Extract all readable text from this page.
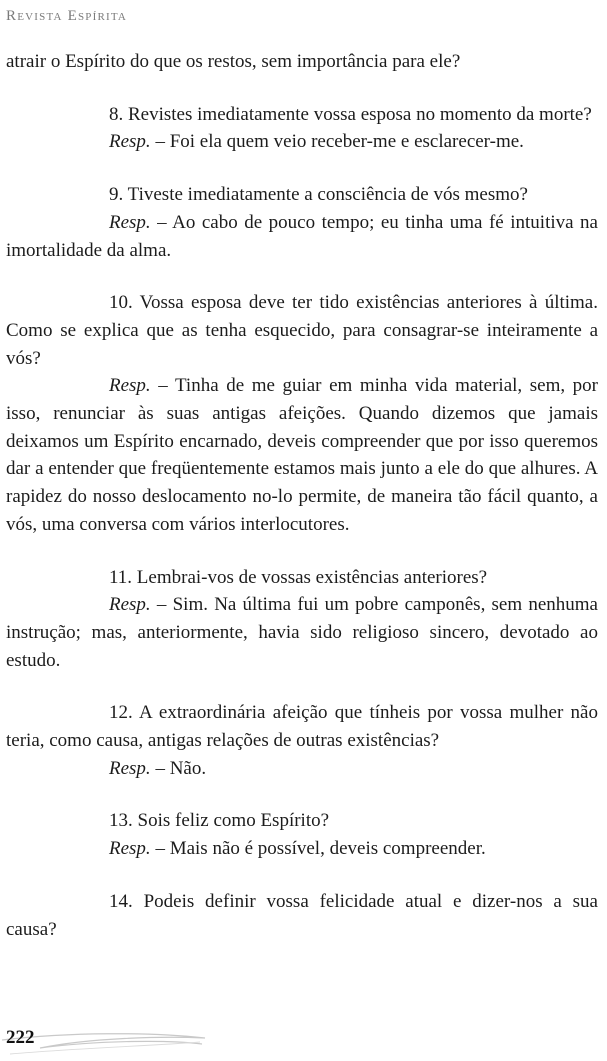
Revista Espírita

atrair o Espírito do que os restos, sem importância para ele?

8. Revistes imediatamente vossa esposa no momento da morte?

Resp. – Foi ela quem veio receber-me e esclarecer-me.

9. Tiveste imediatamente a consciência de vós mesmo?

Resp. – Ao cabo de pouco tempo; eu tinha uma fé intuitiva na imortalidade da alma.

10. Vossa esposa deve ter tido existências anteriores à última. Como se explica que as tenha esquecido, para consagrar-se inteiramente a vós?

Resp. – Tinha de me guiar em minha vida material, sem, por isso, renunciar às suas antigas afeições. Quando dizemos que jamais deixamos um Espírito encarnado, deveis compreender que por isso queremos dar a entender que freqüentemente estamos mais junto a ele do que alhures. A rapidez do nosso deslocamento no-lo permite, de maneira tão fácil quanto, a vós, uma conversa com vários interlocutores.

11. Lembrai-vos de vossas existências anteriores?

Resp. – Sim. Na última fui um pobre camponês, sem nenhuma instrução; mas, anteriormente, havia sido religioso sincero, devotado ao estudo.

12. A extraordinária afeição que tínheis por vossa mulher não teria, como causa, antigas relações de outras existências?

Resp. – Não.

13. Sois feliz como Espírito?

Resp. – Mais não é possível, deveis compreender.

14. Podeis definir vossa felicidade atual e dizer-nos a sua causa?

222
